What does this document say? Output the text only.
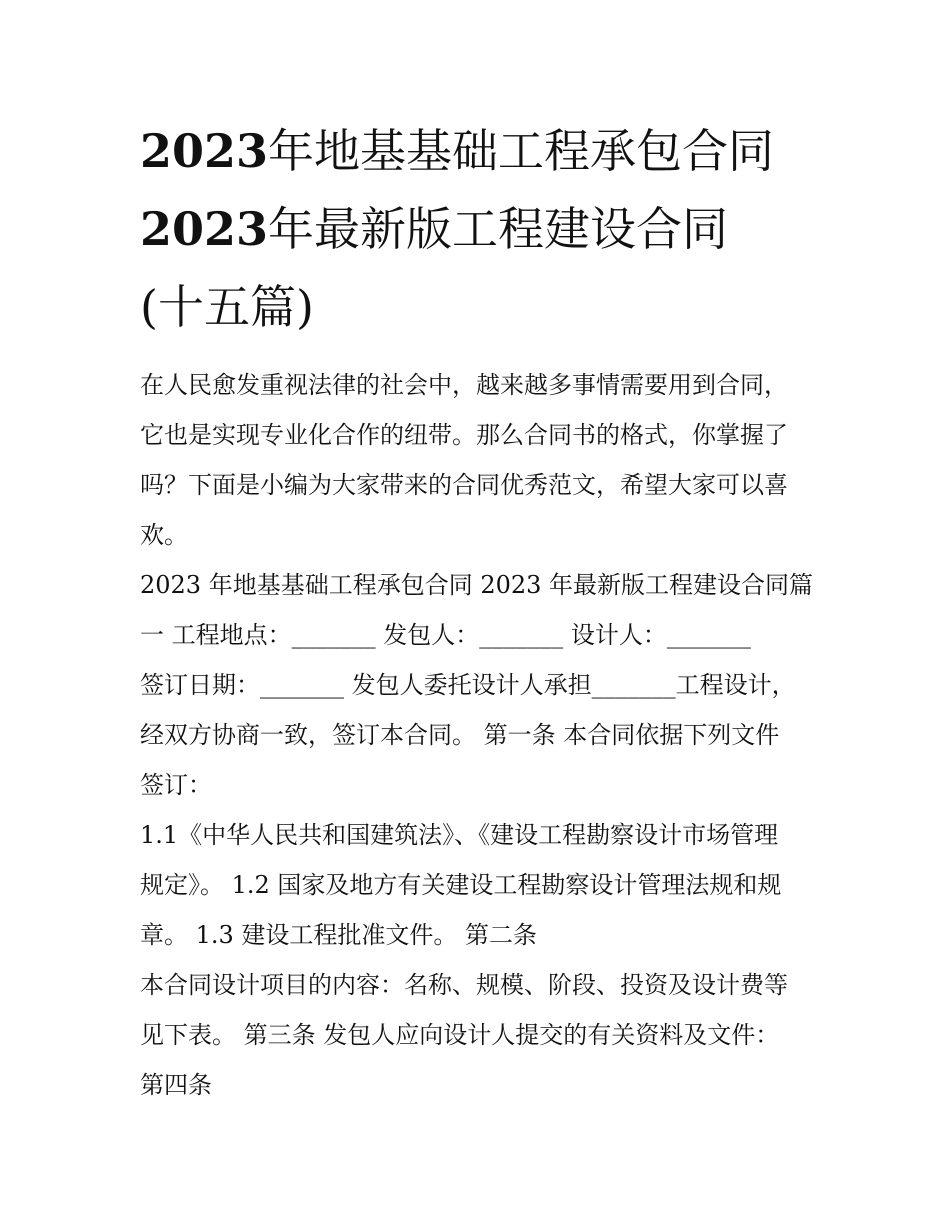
2023年地基基础工程承包合同
2023年最新版工程建设合同
(十五篇)

在人民愈发重视法律的社会中，越来越多事情需要用到合同，
它也是实现专业化合作的纽带。那么合同书的格式，你掌握了
吗？下面是小编为大家带来的合同优秀范文，希望大家可以喜
欢。

2023 年地基基础工程承包合同 2023 年最新版工程建设合同篇
一 工程地点：_______ 发包人：_______ 设计人：_______
签订日期：_______ 发包人委托设计人承担_______工程设计，
经双方协商一致，签订本合同。 第一条 本合同依据下列文件
签订：

1.1《中华人民共和国建筑法》、《建设工程勘察设计市场管理
规定》。 1.2 国家及地方有关建设工程勘察设计管理法规和规
章。 1.3 建设工程批准文件。 第二条

本合同设计项目的内容：名称、规模、阶段、投资及设计费等
见下表。 第三条 发包人应向设计人提交的有关资料及文件：
第四条
